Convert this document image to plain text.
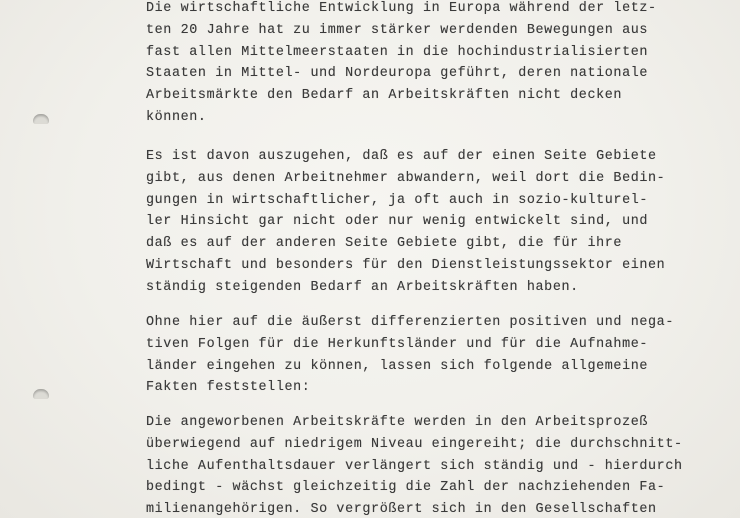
Die wirtschaftliche Entwicklung in Europa während der letz-
ten 20 Jahre hat zu immer stärker werdenden Bewegungen aus
fast allen Mittelmeerstaaten in die hochindustrialisierten
Staaten in Mittel- und Nordeuropa geführt, deren nationale
Arbeitsmärkte den Bedarf an Arbeitskräften nicht decken
können.

Es ist davon auszugehen, daß es auf der einen Seite Gebiete
gibt, aus denen Arbeitnehmer abwandern, weil dort die Bedin-
gungen in wirtschaftlicher, ja oft auch in sozio-kulturel-
ler Hinsicht gar nicht oder nur wenig entwickelt sind, und
daß es auf der anderen Seite Gebiete gibt, die für ihre
Wirtschaft und besonders für den Dienstleistungssektor einen
ständig steigenden Bedarf an Arbeitskräften haben.

Ohne hier auf die äußerst differenzierten positiven und nega-
tiven Folgen für die Herkunftsländer und für die Aufnahme-
länder eingehen zu können, lassen sich folgende allgemeine
Fakten feststellen:

Die angeworbenen Arbeitskräfte werden in den Arbeitsprozeß
überwiegend auf niedrigem Niveau eingereiht; die durchschnitt-
liche Aufenthaltsdauer verlängert sich ständig und - hierdurch
bedingt - wächst gleichzeitig die Zahl der nachziehenden Fa-
milienangehörigen. So vergrößert sich in den Gesellschaften
